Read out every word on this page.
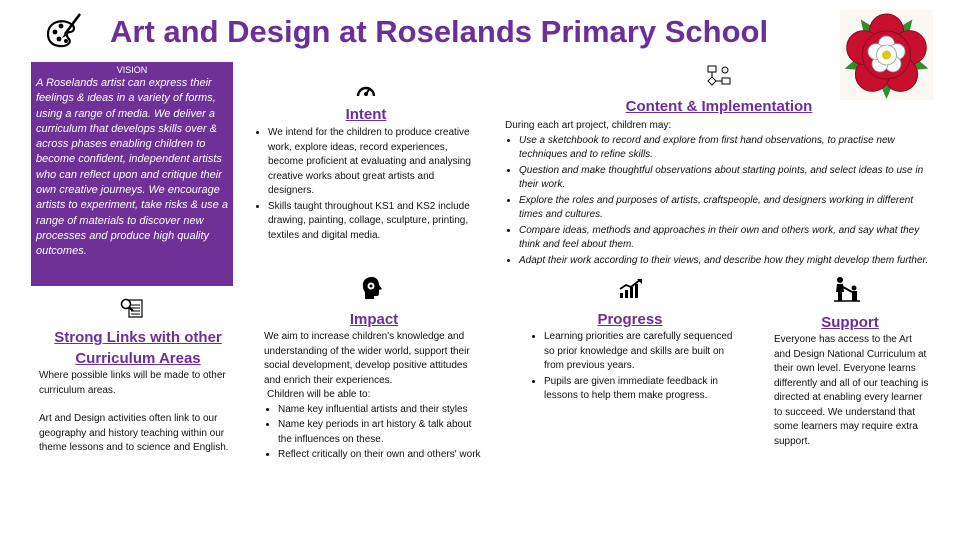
Art and Design at Roselands Primary School
VISION
A Roselands artist can express their feelings & ideas in a variety of forms, using a range of media. We deliver a curriculum that develops skills over & across phases enabling children to become confident, independent artists who can reflect upon and critique their own creative journeys. We encourage artists to experiment, take risks & use a range of materials to discover new processes and produce high quality outcomes.
Intent
• We intend for the children to produce creative work, explore ideas, record experiences, become proficient at evaluating and analysing creative works about great artists and designers.
• Skills taught throughout KS1 and KS2 include drawing, painting, collage, sculpture, printing, textiles and digital media.
Content & Implementation
During each art project, children may:
• Use a sketchbook to record and explore from first hand observations, to practise new techniques and to refine skills.
• Question and make thoughtful observations about starting points, and select ideas to use in their work.
• Explore the roles and purposes of artists, craftspeople, and designers working in different times and cultures.
• Compare ideas, methods and approaches in their own and others work, and say what they think and feel about them.
• Adapt their work according to their views, and describe how they might develop them further.
Strong Links with other Curriculum Areas
Where possible links will be made to other curriculum areas.
Art and Design activities often link to our geography and history teaching within our theme lessons and to science and English.
Impact
We aim to increase children's knowledge and understanding of the wider world, support their social development, develop positive attitudes and enrich their experiences.
Children will be able to:
• Name key influential artists and their styles
• Name key periods in art history & talk about the influences on these.
• Reflect critically on their own and others' work
Progress
• Learning priorities are carefully sequenced so prior knowledge and skills are built on from previous years.
• Pupils are given immediate feedback in lessons to help them make progress.
Support
Everyone has access to the Art and Design National Curriculum at their own level. Everyone learns differently and all of our teaching is directed at enabling every learner to succeed. We understand that some learners may require extra support.
